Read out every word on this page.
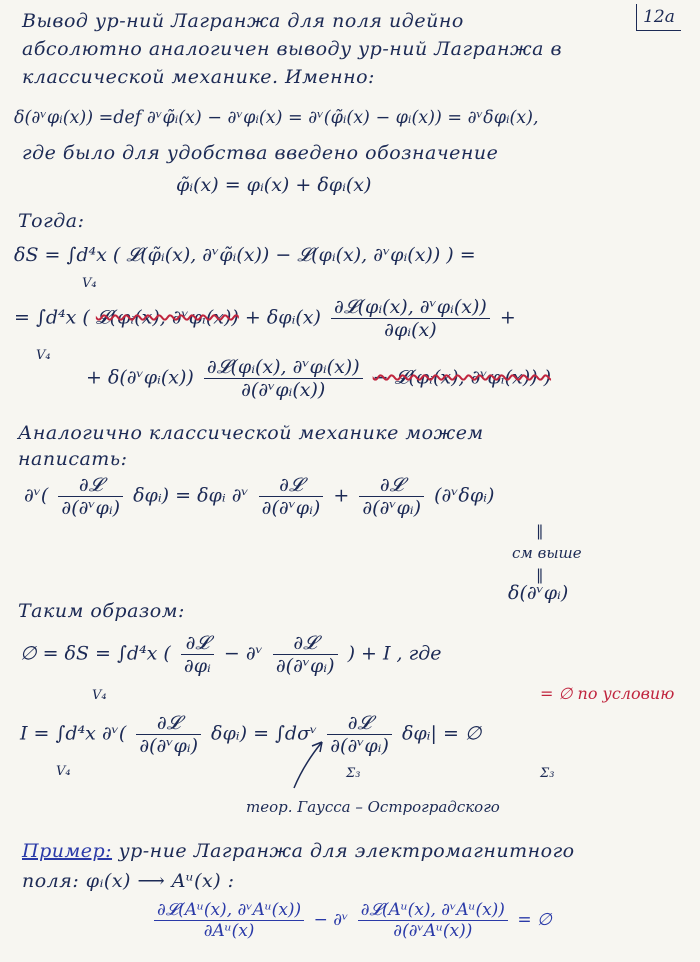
12a
Вывод ур-ний Лагранжа для поля идейно
абсолютно аналогичен выводу ур-ний Лагранжа в
классической механике. Именно:
δ(∂ᵛφᵢ(x)) =def ∂ᵛφ̃ᵢ(x) − ∂ᵛφᵢ(x) = ∂ᵛ(φ̃ᵢ(x) − φᵢ(x)) = ∂ᵛδφᵢ(x),
где было для удобства введено обозначение
φ̃ᵢ(x) = φᵢ(x) + δφᵢ(x)
Тогда:
δS = ∫d⁴x ( 𝓛(φ̃ᵢ(x), ∂ᵛφ̃ᵢ(x)) − 𝓛(φᵢ(x), ∂ᵛφᵢ(x)) ) =
V₄
= ∫d⁴x ( 𝓛(φᵢ(x), ∂ᵛφᵢ(x)) + δφᵢ(x) $\frac{\text{∂𝓛(φᵢ(x), ∂ᵛφᵢ(x))}}{\text{∂φᵢ(x)}}$ +
V₄
+ δ(∂ᵛφᵢ(x)) $\frac{\text{∂𝓛(φᵢ(x), ∂ᵛφᵢ(x))}}{\text{∂(∂ᵛφᵢ(x))}}$ − 𝓛(φᵢ(x), ∂ᵛφᵢ(x)) )
Аналогично классической механике можем
написать:
∂ᵛ( $\frac{\text{∂𝓛}}{\text{∂(∂ᵛφᵢ)}}$ δφᵢ) = δφᵢ ∂ᵛ $\frac{\text{∂𝓛}}{\text{∂(∂ᵛφᵢ)}} + \frac{\text{∂𝓛}}{\text{∂(∂ᵛφᵢ)}}$ (∂ᵛδφᵢ)
‖
см выше
‖
δ(∂ᵛφᵢ)
Таким образом:
∅ = δS = ∫d⁴x ( $\frac{\text{∂𝓛}}{\text{∂φᵢ}}$ − ∂ᵛ $\frac{\text{∂𝓛}}{\text{∂(∂ᵛφᵢ)}}$ ) + I , где
V₄	= ∅ по условию
I = ∫d⁴x ∂ᵛ( $\frac{\text{∂𝓛}}{\text{∂(∂ᵛφᵢ)}}$ δφᵢ) = ∫dσᵛ $\frac{\text{∂𝓛}}{\text{∂(∂ᵛφᵢ)}}$ δφᵢ| = ∅
V₄	Σ₃	Σ₃
теор. Гаусса – Остроградского
Пример: ур-ние Лагранжа для электромагнитного
поля: φᵢ(x) ⟶ Aᵘ(x) :
$\frac{\text{∂𝓛(Aᵘ(x), ∂ᵛAᵘ(x))}}{\text{∂Aᵘ(x)}}$ − ∂ᵛ $\frac{\text{∂𝓛(Aᵘ(x), ∂ᵛAᵘ(x))}}{\text{∂(∂ᵛAᵘ(x))}}$ = ∅
